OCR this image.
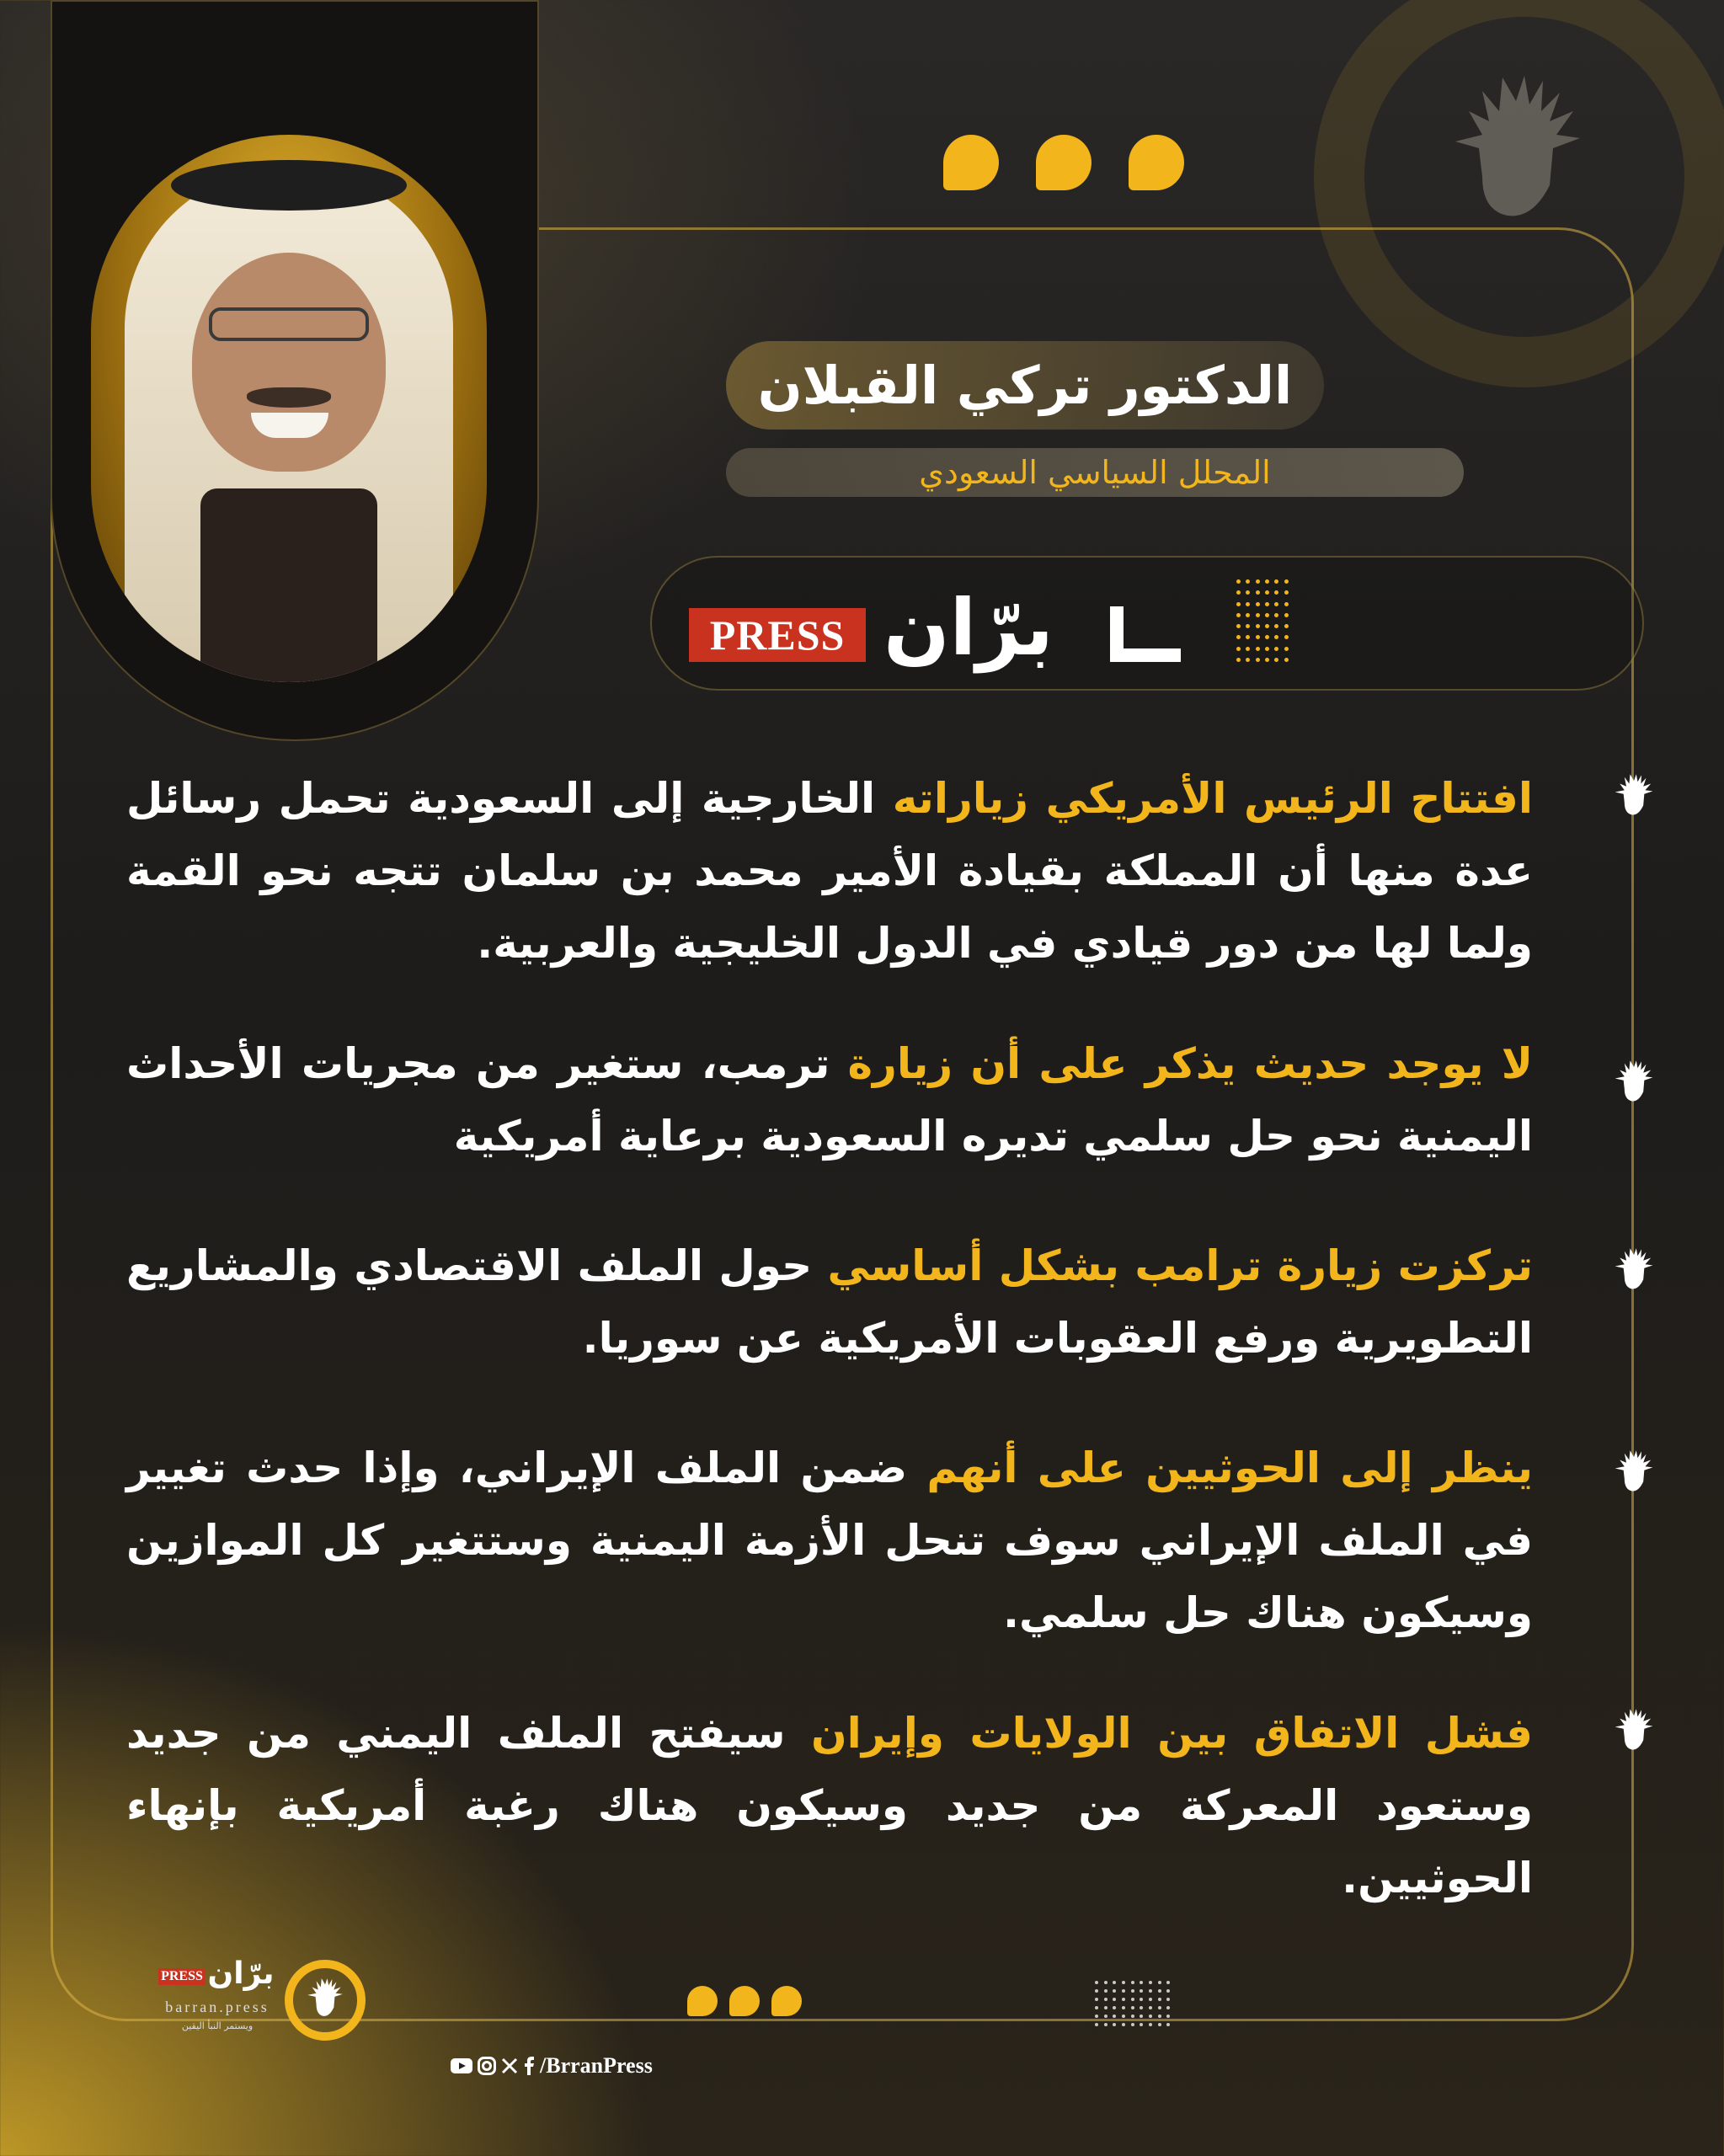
الدكتور تركي القبلان
المحلل السياسي السعودي
PRESS برّان
افتتاح الرئيس الأمريكي زياراته الخارجية إلى السعودية تحمل رسائل عدة منها أن المملكة بقيادة الأمير محمد بن سلمان تتجه نحو القمة ولما لها من دور قيادي في الدول الخليجية والعربية.
لا يوجد حديث يذكر على أن زيارة ترمب، ستغير من مجريات الأحداث اليمنية نحو حل سلمي تديره السعودية برعاية أمريكية
تركزت زيارة ترامب بشكل أساسي حول الملف الاقتصادي والمشاريع التطويرية ورفع العقوبات الأمريكية عن سوريا.
ينظر إلى الحوثيين على أنهم ضمن الملف الإيراني، وإذا حدث تغيير في الملف الإيراني سوف تنحل الأزمة اليمنية وستتغير كل الموازين وسيكون هناك حل سلمي.
فشل الاتفاق بين الولايات وإيران سيفتح الملف اليمني من جديد وستعود المعركة من جديد وسيكون هناك رغبة أمريكية بإنهاء الحوثيين.
PRESS برّان
barran.press
ويستمر النبأ اليقين
/BrranPress
